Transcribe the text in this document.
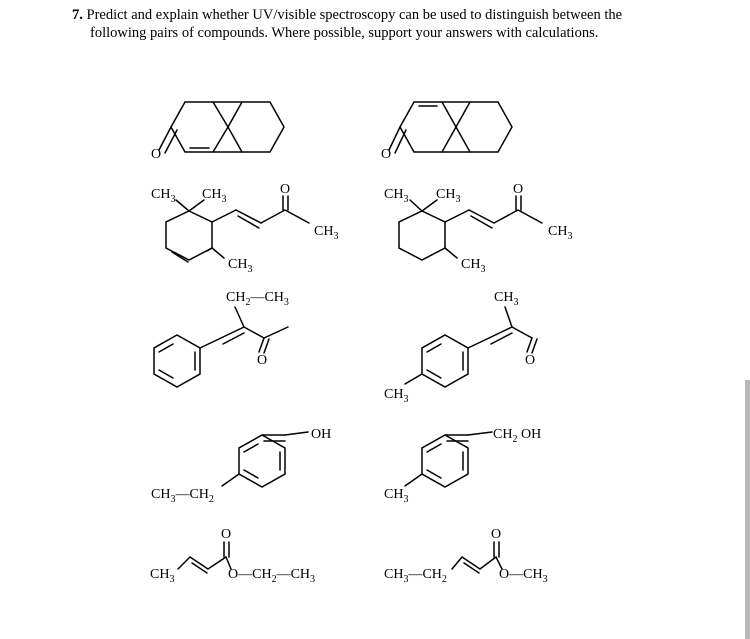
7. Predict and explain whether UV/visible spectroscopy can be used to distinguish between the
following pairs of compounds. Where possible, support your answers with calculations.
O	O
$CH_3$ $CH_3$
$CH_3$
O
$CH_3$
$CH_3$ $CH_3$
$CH_3$
O
$CH_3$
$CH_2—CH_3$
O
$CH_3$
$CH_3$
O
OH
$CH_3—CH_2$
$CH_2$ OH
$CH_3$
$CH_3$
O
$O—CH_2—CH_3$	$CH_3—CH_2$
O
$O—CH_3$
